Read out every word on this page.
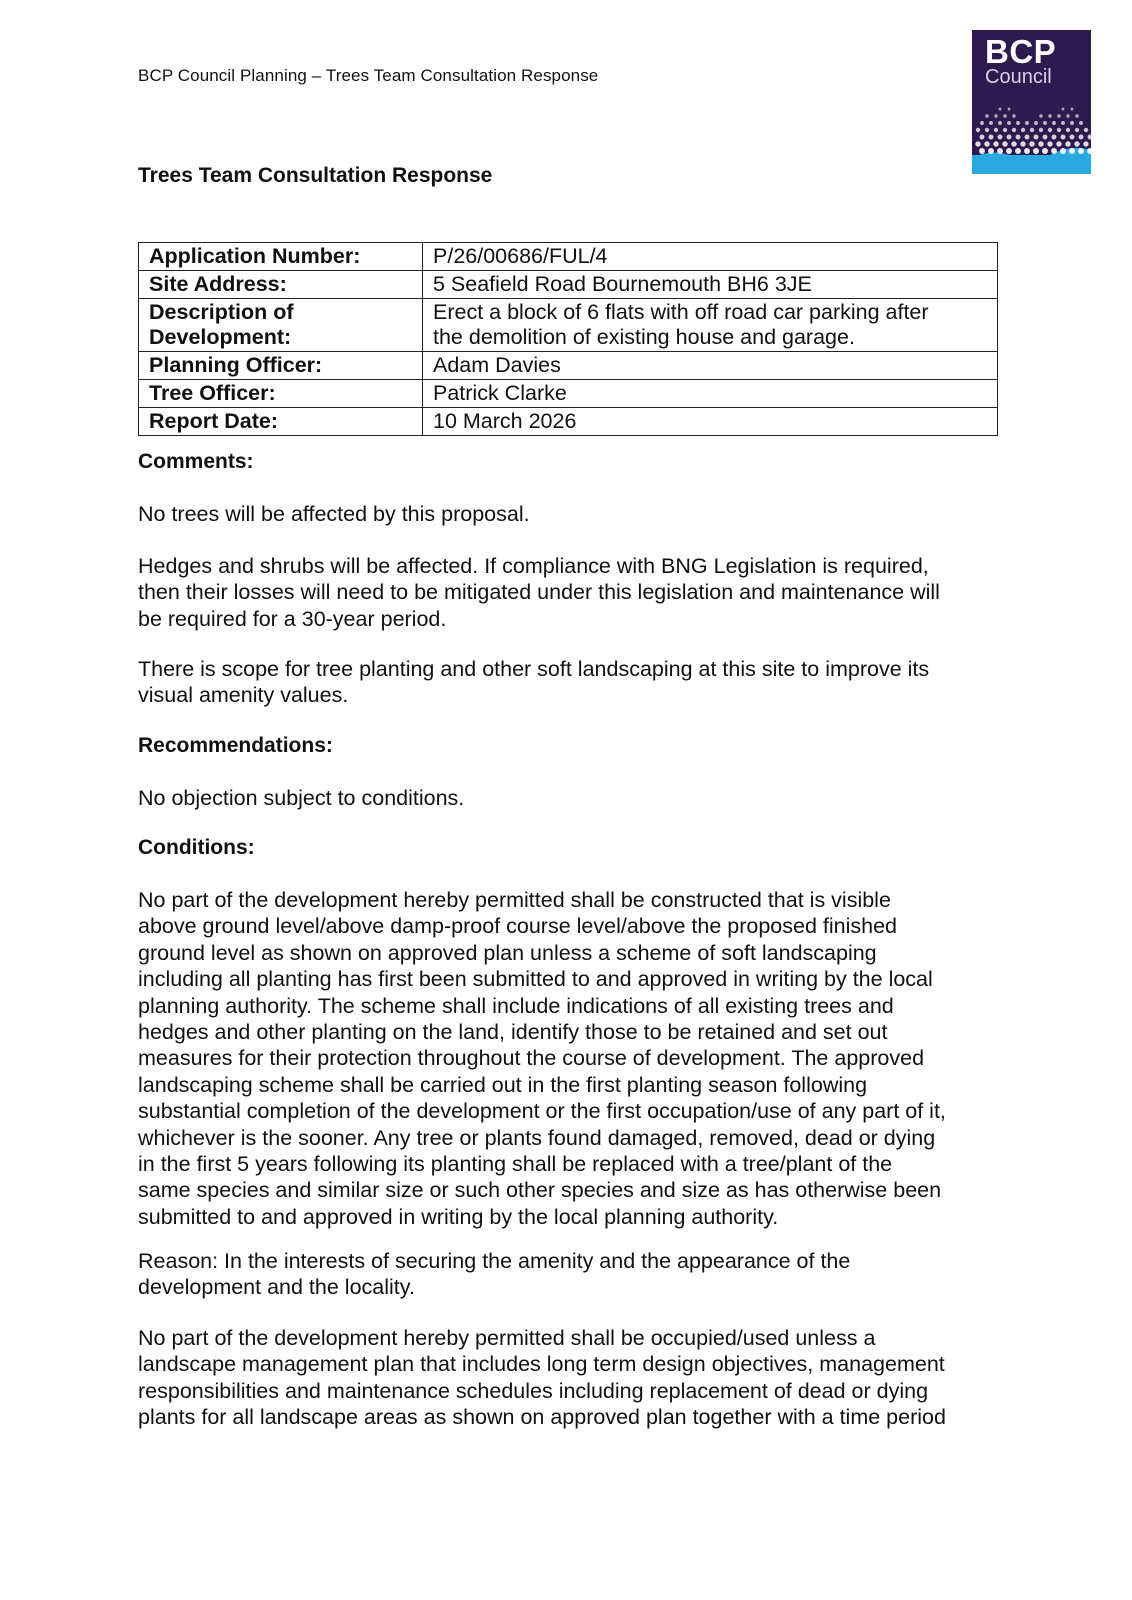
BCP Council Planning – Trees Team Consultation Response
BCP
Council
Trees Team Consultation Response
Application Number:	P/26/00686/FUL/4
Site Address:	5 Seafield Road Bournemouth BH6 3JE
Description of
Development:	Erect a block of 6 flats with off road car parking after
the demolition of existing house and garage.
Planning Officer:	Adam Davies
Tree Officer:	Patrick Clarke
Report Date:	10 March 2026

Comments:

No trees will be affected by this proposal.

Hedges and shrubs will be affected. If compliance with BNG Legislation is required,
then their losses will need to be mitigated under this legislation and maintenance will
be required for a 30-year period.

There is scope for tree planting and other soft landscaping at this site to improve its
visual amenity values.

Recommendations:

No objection subject to conditions.

Conditions:

No part of the development hereby permitted shall be constructed that is visible
above ground level/above damp-proof course level/above the proposed finished
ground level as shown on approved plan unless a scheme of soft landscaping
including all planting has first been submitted to and approved in writing by the local
planning authority. The scheme shall include indications of all existing trees and
hedges and other planting on the land, identify those to be retained and set out
measures for their protection throughout the course of development. The approved
landscaping scheme shall be carried out in the first planting season following
substantial completion of the development or the first occupation/use of any part of it,
whichever is the sooner. Any tree or plants found damaged, removed, dead or dying
in the first 5 years following its planting shall be replaced with a tree/plant of the
same species and similar size or such other species and size as has otherwise been
submitted to and approved in writing by the local planning authority.

Reason: In the interests of securing the amenity and the appearance of the
development and the locality.

No part of the development hereby permitted shall be occupied/used unless a
landscape management plan that includes long term design objectives, management
responsibilities and maintenance schedules including replacement of dead or dying
plants for all landscape areas as shown on approved plan together with a time period
